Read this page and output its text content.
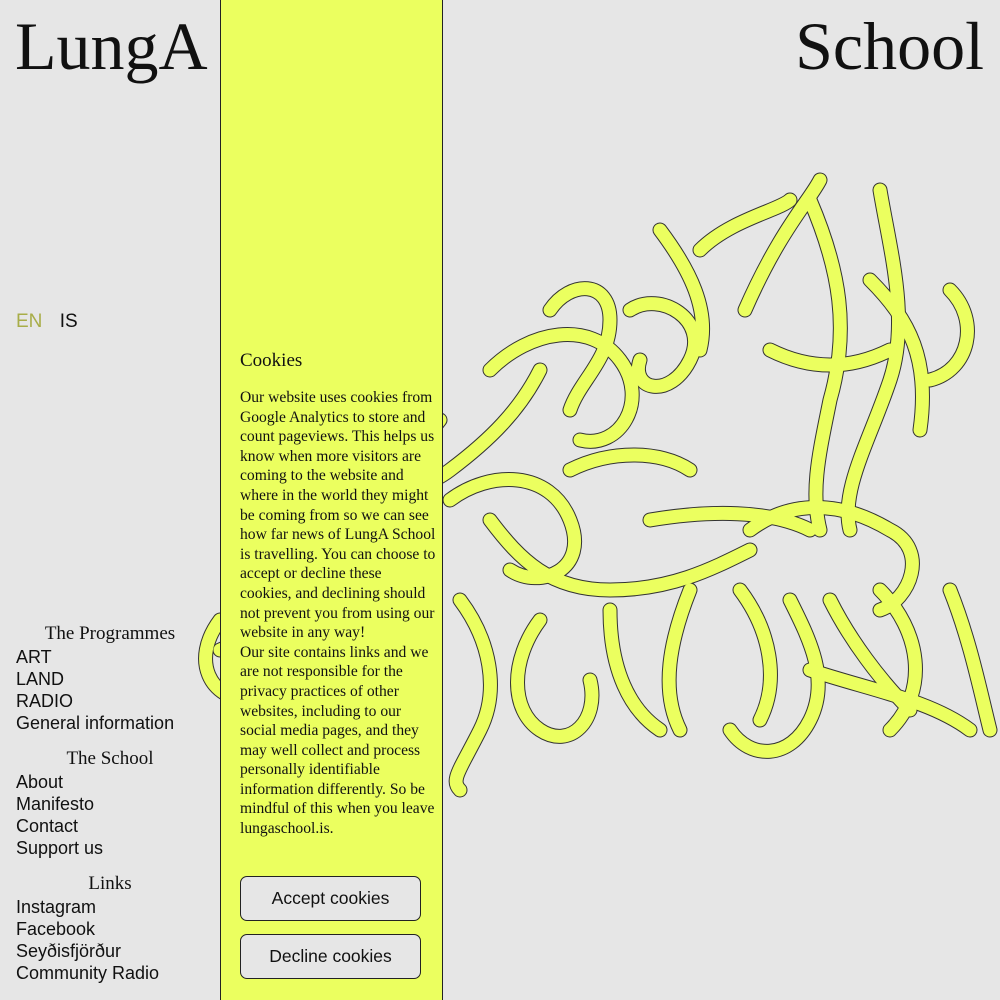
LungA	School
EN IS
The Programmes
ART
LAND
RADIO
General information
The School
About
Manifesto
Contact
Support us
Links
Instagram
Facebook
Seyðisfjörður
Community Radio
Cookies

Our website uses cookies from Google Analytics to store and count pageviews. This helps us know when more visitors are coming to the website and where in the world they might be coming from so we can see how far news of LungA School is travelling. You can choose to accept or decline these cookies, and declining should not prevent you from using our website in any way!

Our site contains links and we are not responsible for the privacy practices of other websites, including to our social media pages, and they may well collect and process personally identifiable information differently. So be mindful of this when you leave lungaschool.is.

Accept cookies
Decline cookies
